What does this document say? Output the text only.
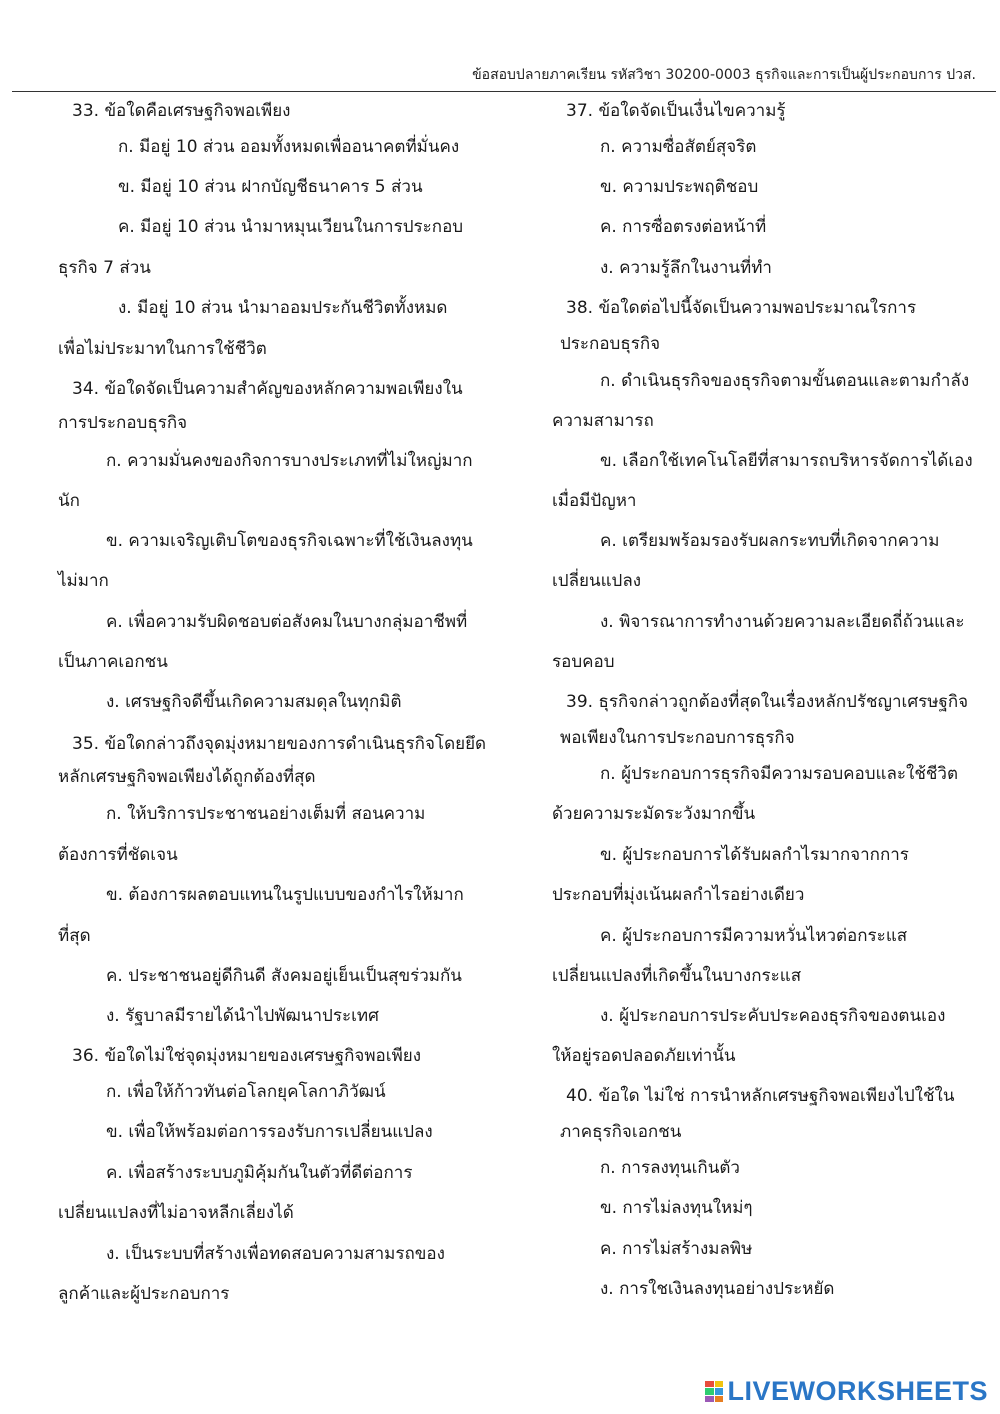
ข้อสอบปลายภาคเรียน รหัสวิชา 30200-0003 ธุรกิจและการเป็นผู้ประกอบการ ปวส.
33. ข้อใดคือเศรษฐกิจพอเพียง
ก. มีอยู่ 10 ส่วน ออมทั้งหมดเพื่ออนาคตที่มั่นคง
ข. มีอยู่ 10 ส่วน ฝากบัญชีธนาคาร 5 ส่วน
ค. มีอยู่ 10 ส่วน นำมาหมุนเวียนในการประกอบ
ธุรกิจ 7 ส่วน
ง. มีอยู่ 10 ส่วน นำมาออมประกันชีวิตทั้งหมด
เพื่อไม่ประมาทในการใช้ชีวิต
34. ข้อใดจัดเป็นความสำคัญของหลักความพอเพียงใน
การประกอบธุรกิจ
ก. ความมั่นคงของกิจการบางประเภทที่ไม่ใหญ่มาก
นัก
ข. ความเจริญเติบโตของธุรกิจเฉพาะที่ใช้เงินลงทุน
ไม่มาก
ค. เพื่อความรับผิดชอบต่อสังคมในบางกลุ่มอาชีพที่
เป็นภาคเอกชน
ง. เศรษฐกิจดีขึ้นเกิดความสมดุลในทุกมิติ
35. ข้อใดกล่าวถึงจุดมุ่งหมายของการดำเนินธุรกิจโดยยึด
หลักเศรษฐกิจพอเพียงได้ถูกต้องที่สุด
ก. ให้บริการประชาชนอย่างเต็มที่ สอนความ
ต้องการที่ชัดเจน
ข. ต้องการผลตอบแทนในรูปแบบของกำไรให้มาก
ที่สุด
ค. ประชาชนอยู่ดีกินดี สังคมอยู่เย็นเป็นสุขร่วมกัน
ง. รัฐบาลมีรายได้นำไปพัฒนาประเทศ
36. ข้อใดไม่ใช่จุดมุ่งหมายของเศรษฐกิจพอเพียง
ก. เพื่อให้ก้าวทันต่อโลกยุคโลกาภิวัฒน์
ข. เพื่อให้พร้อมต่อการรองรับการเปลี่ยนแปลง
ค. เพื่อสร้างระบบภูมิคุ้มกันในตัวที่ดีต่อการ
เปลี่ยนแปลงที่ไม่อาจหลีกเลี่ยงได้
ง. เป็นระบบที่สร้างเพื่อทดสอบความสามรถของ
ลูกค้าและผู้ประกอบการ
37. ข้อใดจัดเป็นเงื่นไขความรู้
ก. ความซื่อสัตย์สุจริต
ข. ความประพฤติชอบ
ค. การซื่อตรงต่อหน้าที่
ง. ความรู้ลึกในงานที่ทำ
38. ข้อใดต่อไปนี้จัดเป็นความพอประมาณใรการ
ประกอบธุรกิจ
ก. ดำเนินธุรกิจของธุรกิจตามขั้นตอนและตามกำลัง
ความสามารถ
ข. เลือกใช้เทคโนโลยีที่สามารถบริหารจัดการได้เอง
เมื่อมีปัญหา
ค. เตรียมพร้อมรองรับผลกระทบที่เกิดจากความ
เปลี่ยนแปลง
ง. พิจารณาการทำงานด้วยความละเอียดถี่ถ้วนและ
รอบคอบ
39. ธุรกิจกล่าวถูกต้องที่สุดในเรื่องหลักปรัชญาเศรษฐกิจ
พอเพียงในการประกอบการธุรกิจ
ก. ผู้ประกอบการธุรกิจมีความรอบคอบและใช้ชีวิต
ด้วยความระมัดระวังมากขึ้น
ข. ผู้ประกอบการได้รับผลกำไรมากจากการ
ประกอบที่มุ่งเน้นผลกำไรอย่างเดียว
ค. ผู้ประกอบการมีความหวั่นไหวต่อกระแส
เปลี่ยนแปลงที่เกิดขึ้นในบางกระแส
ง. ผู้ประกอบการประคับประคองธุรกิจของตนเอง
ให้อยู่รอดปลอดภัยเท่านั้น
40. ข้อใด ไม่ใช่ การนำหลักเศรษฐกิจพอเพียงไปใช้ใน
ภาคธุรกิจเอกชน
ก. การลงทุนเกินตัว
ข. การไม่ลงทุนใหม่ๆ
ค. การไม่สร้างมลพิษ
ง. การใชเงินลงทุนอย่างประหยัด
LIVEWORKSHEETS
